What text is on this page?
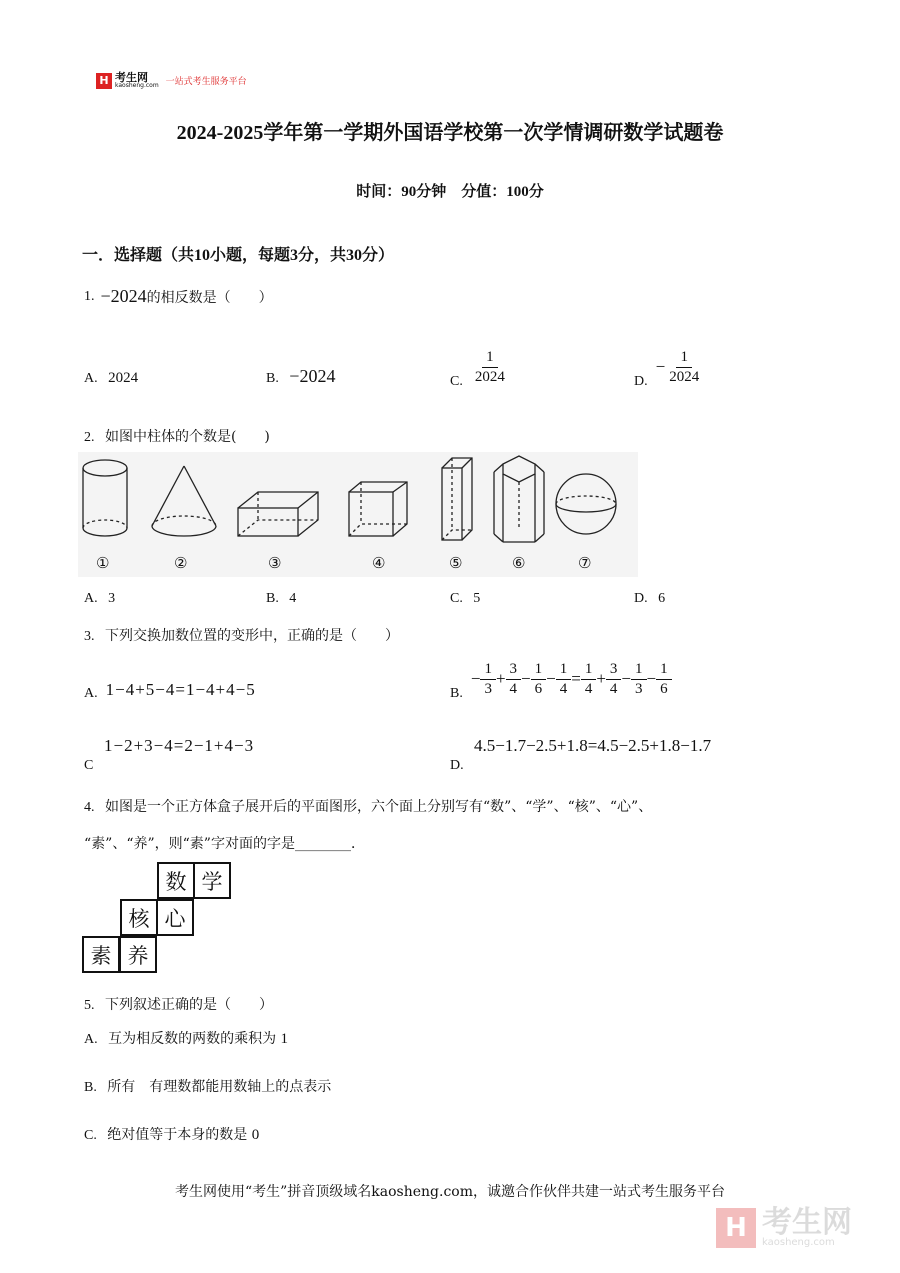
H 考生网
kaosheng.com 一站式考生服务平台
2024-2025学年第一学期外国语学校第一次学情调研数学试题卷
时间：90分钟　分值：100分
一．选择题（共10小题，每题3分，共30分）
1. −2024 的相反数是（　　）
A. 2024	B. −2024	C. $\frac{1}{2024}$	D.
− $\frac{1}{2024}$
2. 如图中柱体的个数是(　　)
①	②	③	④	⑤	⑥	⑦
A. 3	B. 4	C. 5	D. 6
3. 下列交换加数位置的变形中，正确的是（　　）
A. 1−4+5−4=1−4+4−5	B.
− $\frac{1}{3} + \frac{3}{4} - \frac{1}{6} - \frac{1}{4} = \frac{1}{4} + \frac{3}{4} - \frac{1}{3} - \frac{1}{6}$
1−2+3−4=2−1+4−3
C
4.5−1.7−2.5+1.8=4.5−2.5+1.8−1.7
D.
4. 如图是一个正方体盒子展开后的平面图形，六个面上分别写有“数”、“学”、“核”、“心”、
“素”、“养”，则“素”字对面的字是________．
数 学
核 心
素 养
5. 下列叙述正确的是（　　）
A. 互为相反数的两数的乘积为 1
B. 所有　有理数都能用数轴上的点表示
C. 绝对值等于本身的数是 0
考生网使用“考生”拼音顶级域名kaosheng.com，诚邀合作伙伴共建一站式考生服务平台
H 考生网
kaosheng.com
